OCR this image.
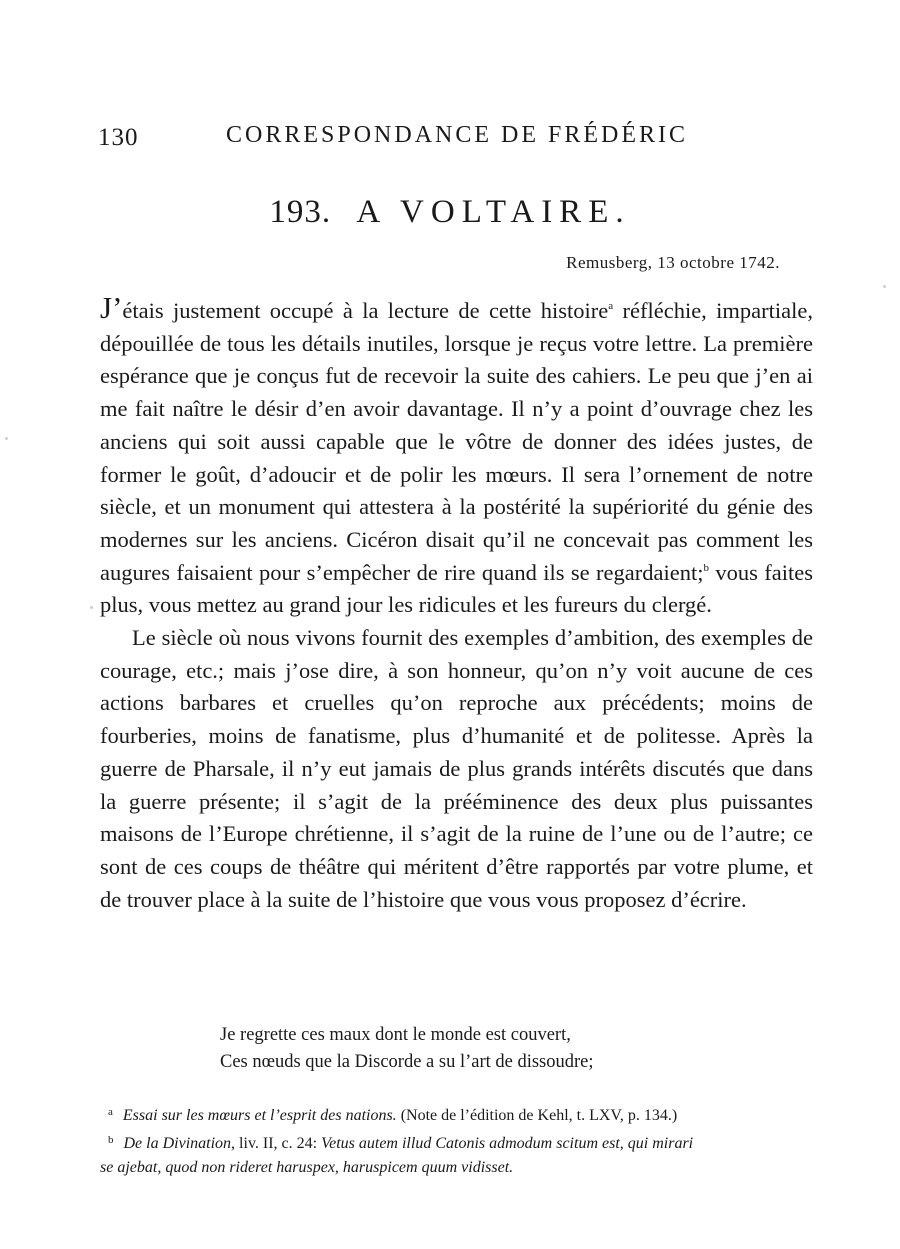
130	CORRESPONDANCE DE FRÉDÉRIC
193. A VOLTAIRE.
Remusberg, 13 octobre 1742.

J’étais justement occupé à la lecture de cette histoire$^a$ réfléchie, impartiale, dépouillée de tous les détails inutiles, lorsque je reçus votre lettre. La première espérance que je conçus fut de recevoir la suite des cahiers. Le peu que j’en ai me fait naître le désir d’en avoir davantage. Il n’y a point d’ouvrage chez les anciens qui soit aussi capable que le vôtre de donner des idées justes, de former le goût, d’adoucir et de polir les mœurs. Il sera l’ornement de notre siècle, et un monument qui attestera à la postérité la supériorité du génie des modernes sur les anciens. Cicéron disait qu’il ne concevait pas comment les augures faisaient pour s’empêcher de rire quand ils se regardaient;$^b$ vous faites plus, vous mettez au grand jour les ridicules et les fureurs du clergé.

Le siècle où nous vivons fournit des exemples d’ambition, des exemples de courage, etc.; mais j’ose dire, à son honneur, qu’on n’y voit aucune de ces actions barbares et cruelles qu’on reproche aux précédents; moins de fourberies, moins de fanatisme, plus d’humanité et de politesse. Après la guerre de Pharsale, il n’y eut jamais de plus grands intérêts discutés que dans la guerre présente; il s’agit de la prééminence des deux plus puissantes maisons de l’Europe chrétienne, il s’agit de la ruine de l’une ou de l’autre; ce sont de ces coups de théâtre qui méritent d’être rapportés par votre plume, et de trouver place à la suite de l’histoire que vous vous proposez d’écrire.

Je regrette ces maux dont le monde est couvert,
Ces nœuds que la Discorde a su l’art de dissoudre;
$^a$ Essai sur les mœurs et l’esprit des nations. (Note de l’édition de Kehl, t. LXV, p. 134.)
$^b$ De la Divination, liv. II, c. 24: Vetus autem illud Catonis admodum scitum est, qui mirari
se ajebat, quod non rideret haruspex, haruspicem quum vidisset.
